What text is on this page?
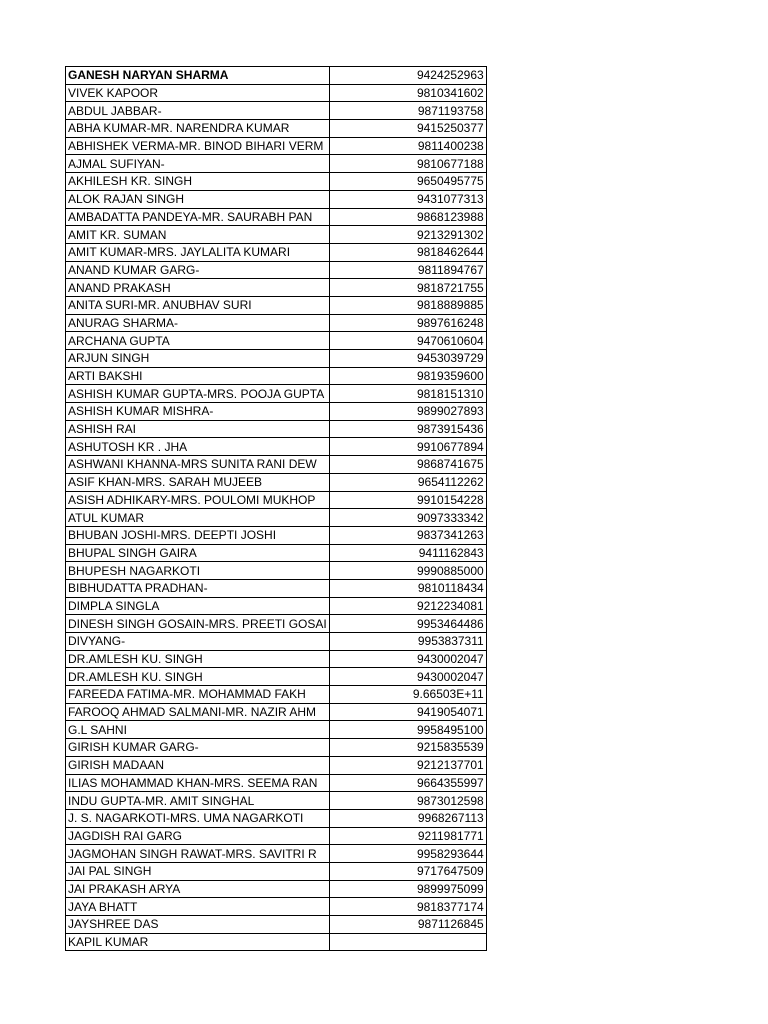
GANESH NARYAN SHARMA	9424252963
VIVEK KAPOOR	9810341602
ABDUL JABBAR-	9871193758
ABHA KUMAR-MR. NARENDRA KUMAR	9415250377
ABHISHEK VERMA-MR. BINOD BIHARI VERM	9811400238
AJMAL SUFIYAN-	9810677188
AKHILESH KR. SINGH	9650495775
ALOK RAJAN SINGH	9431077313
AMBADATTA PANDEYA-MR. SAURABH PAN	9868123988
AMIT KR. SUMAN	9213291302
AMIT KUMAR-MRS. JAYLALITA KUMARI	9818462644
ANAND KUMAR GARG-	9811894767
ANAND PRAKASH	9818721755
ANITA SURI-MR. ANUBHAV SURI	9818889885
ANURAG SHARMA-	9897616248
ARCHANA GUPTA	9470610604
ARJUN SINGH	9453039729
ARTI BAKSHI	9819359600
ASHISH KUMAR GUPTA-MRS. POOJA GUPTA	9818151310
ASHISH KUMAR MISHRA-	9899027893
ASHISH RAI	9873915436
ASHUTOSH KR . JHA	9910677894
ASHWANI KHANNA-MRS SUNITA RANI DEW	9868741675
ASIF KHAN-MRS. SARAH MUJEEB	9654112262
ASISH ADHIKARY-MRS. POULOMI MUKHOP	9910154228
ATUL KUMAR	9097333342
BHUBAN JOSHI-MRS. DEEPTI JOSHI	9837341263
BHUPAL SINGH GAIRA	9411162843
BHUPESH NAGARKOTI	9990885000
BIBHUDATTA PRADHAN-	9810118434
DIMPLA SINGLA	9212234081
DINESH SINGH GOSAIN-MRS. PREETI GOSAI	9953464486
DIVYANG-	9953837311
DR.AMLESH KU. SINGH	9430002047
DR.AMLESH KU. SINGH	9430002047
FAREEDA FATIMA-MR. MOHAMMAD FAKH	9.66503E+11
FAROOQ AHMAD SALMANI-MR. NAZIR AHM	9419054071
G.L SAHNI	9958495100
GIRISH KUMAR GARG-	9215835539
GIRISH MADAAN	9212137701
ILIAS MOHAMMAD KHAN-MRS. SEEMA RAN	9664355997
INDU GUPTA-MR. AMIT SINGHAL	9873012598
J. S. NAGARKOTI-MRS. UMA NAGARKOTI	9968267113
JAGDISH RAI GARG	9211981771
JAGMOHAN SINGH RAWAT-MRS. SAVITRI R	9958293644
JAI PAL SINGH	9717647509
JAI PRAKASH ARYA	9899975099
JAYA BHATT	9818377174
JAYSHREE DAS	9871126845
KAPIL KUMAR	
